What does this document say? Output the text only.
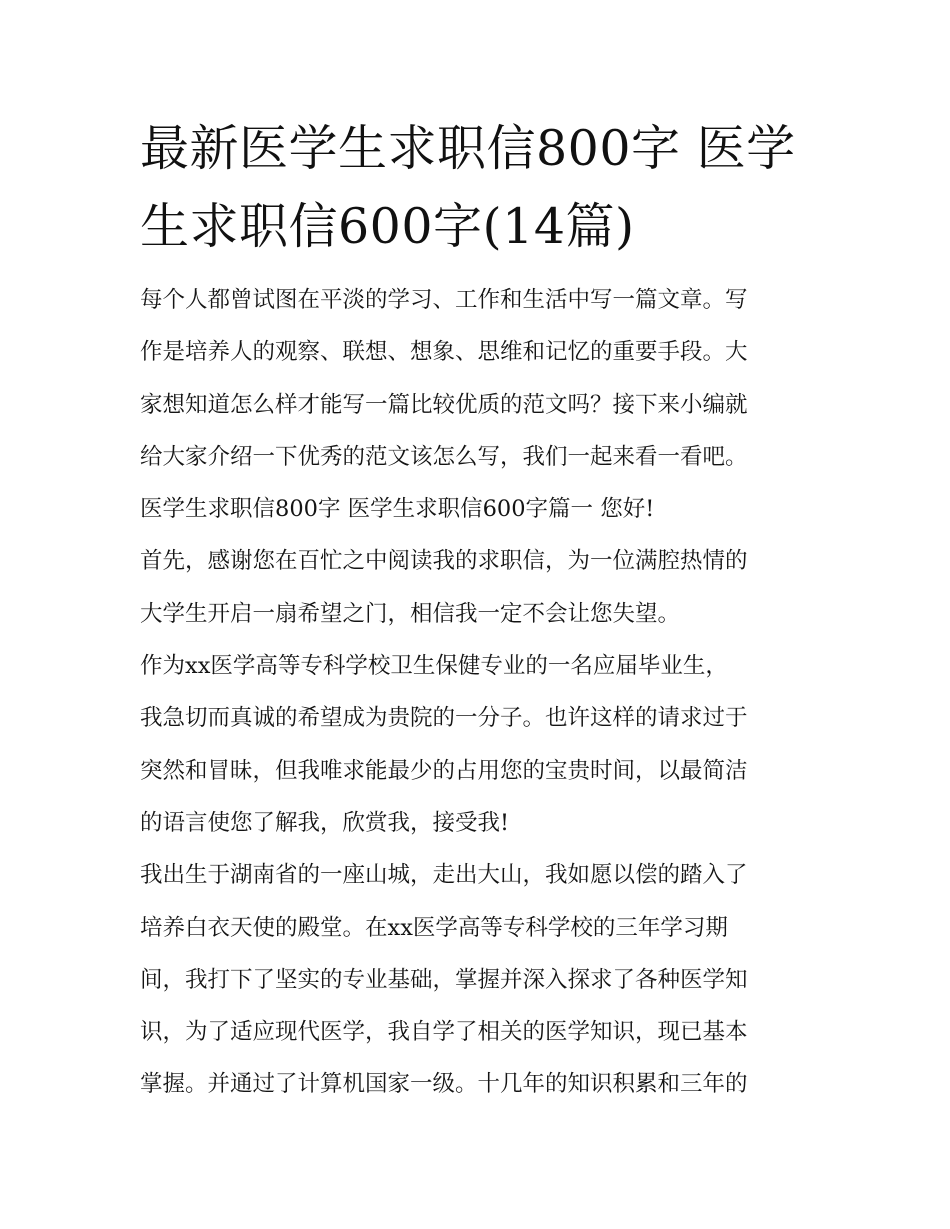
最新医学生求职信800字 医学
生求职信600字(14篇)
每个人都曾试图在平淡的学习、工作和生活中写一篇文章。写
作是培养人的观察、联想、想象、思维和记忆的重要手段。大
家想知道怎么样才能写一篇比较优质的范文吗？接下来小编就
给大家介绍一下优秀的范文该怎么写，我们一起来看一看吧。
医学生求职信800字 医学生求职信600字篇一 您好!
首先，感谢您在百忙之中阅读我的求职信，为一位满腔热情的
大学生开启一扇希望之门，相信我一定不会让您失望。
作为xx医学高等专科学校卫生保健专业的一名应届毕业生，
我急切而真诚的希望成为贵院的一分子。也许这样的请求过于
突然和冒昧，但我唯求能最少的占用您的宝贵时间，以最简洁
的语言使您了解我，欣赏我，接受我!
我出生于湖南省的一座山城，走出大山，我如愿以偿的踏入了
培养白衣天使的殿堂。在xx医学高等专科学校的三年学习期
间，我打下了坚实的专业基础，掌握并深入探求了各种医学知
识，为了适应现代医学，我自学了相关的医学知识，现已基本
掌握。并通过了计算机国家一级。十几年的知识积累和三年的
